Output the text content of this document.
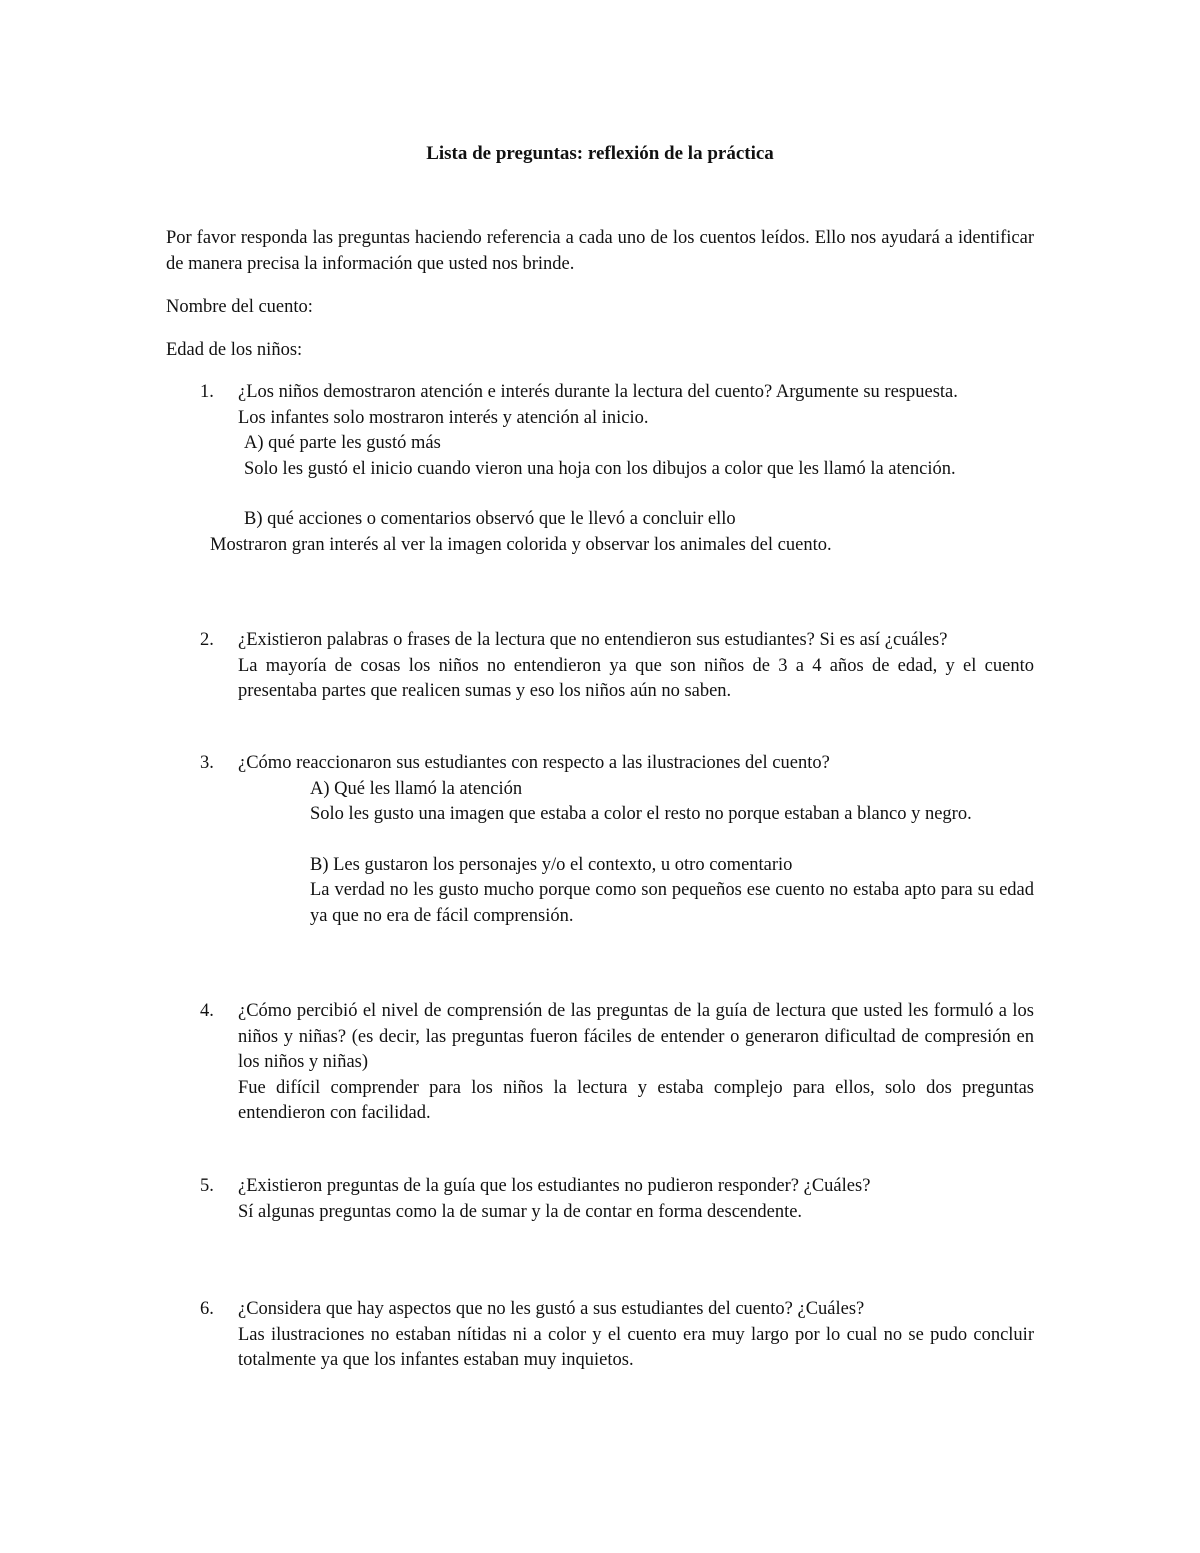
Lista de preguntas: reflexión de la práctica
Por favor responda las preguntas haciendo referencia a cada uno de los cuentos leídos. Ello nos ayudará a identificar de manera precisa la información que usted nos brinde.
Nombre del cuento:
Edad de los niños:
1. ¿Los niños demostraron atención e interés durante la lectura del cuento? Argumente su respuesta.
Los infantes solo mostraron interés y atención al inicio.
A) qué parte les gustó más
Solo les gustó el inicio cuando vieron una hoja con los dibujos a color que les llamó la atención.
B) qué acciones o comentarios observó que le llevó a concluir ello
Mostraron gran interés al ver la imagen colorida y observar los animales del cuento.
2. ¿Existieron palabras o frases de la lectura que no entendieron sus estudiantes? Si es así ¿cuáles?
La mayoría de cosas los niños no entendieron ya que son niños de 3 a 4 años de edad, y el cuento presentaba partes que realicen sumas y eso los niños aún no saben.
3. ¿Cómo reaccionaron sus estudiantes con respecto a las ilustraciones del cuento?
A) Qué les llamó la atención
Solo les gusto una imagen que estaba a color el resto no porque estaban a blanco y negro.
B) Les gustaron los personajes y/o el contexto, u otro comentario
La verdad no les gusto mucho porque como son pequeños ese cuento no estaba apto para su edad ya que no era de fácil comprensión.
4. ¿Cómo percibió el nivel de comprensión de las preguntas de la guía de lectura que usted les formuló a los niños y niñas? (es decir, las preguntas fueron fáciles de entender o generaron dificultad de compresión en los niños y niñas)
Fue difícil comprender para los niños la lectura y estaba complejo para ellos, solo dos preguntas entendieron con facilidad.
5. ¿Existieron preguntas de la guía que los estudiantes no pudieron responder? ¿Cuáles?
Sí algunas preguntas como la de sumar y la de contar en forma descendente.
6. ¿Considera que hay aspectos que no les gustó a sus estudiantes del cuento? ¿Cuáles?
Las ilustraciones no estaban nítidas ni a color y el cuento era muy largo por lo cual no se pudo concluir totalmente ya que los infantes estaban muy inquietos.
